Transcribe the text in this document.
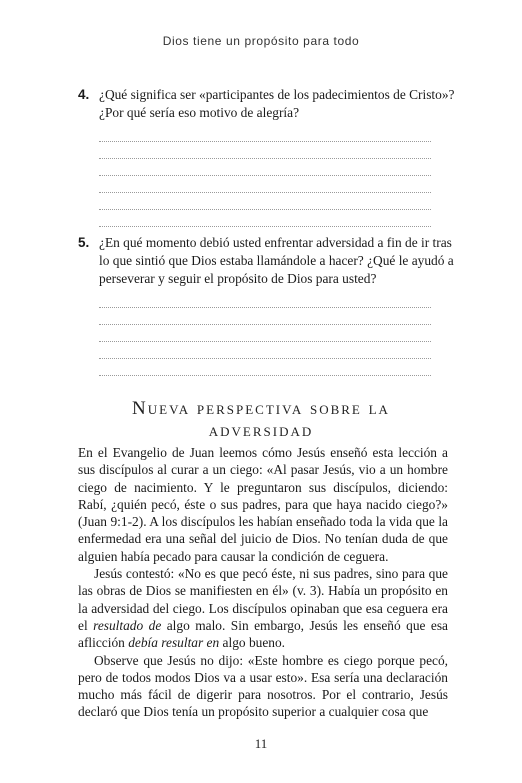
Dios tiene un propósito para todo
4. ¿Qué significa ser «participantes de los padecimientos de Cristo»? ¿Por qué sería eso motivo de alegría?
5. ¿En qué momento debió usted enfrentar adversidad a fin de ir tras lo que sintió que Dios estaba llamándole a hacer? ¿Qué le ayudó a perseverar y seguir el propósito de Dios para usted?
Nueva perspectiva sobre la
adversidad

En el Evangelio de Juan leemos cómo Jesús enseñó esta lección a sus discípulos al curar a un ciego: «Al pasar Jesús, vio a un hombre ciego de nacimiento. Y le preguntaron sus discípulos, diciendo: Rabí, ¿quién pecó, éste o sus padres, para que haya nacido ciego?» (Juan 9:1-2). A los discípulos les habían enseñado toda la vida que la enfermedad era una señal del juicio de Dios. No tenían duda de que alguien había pecado para causar la condición de ceguera.

Jesús contestó: «No es que pecó éste, ni sus padres, sino para que las obras de Dios se manifiesten en él» (v. 3). Había un propósito en la adversidad del ciego. Los discípulos opinaban que esa ceguera era el resultado de algo malo. Sin embargo, Jesús les enseñó que esa aflicción debía resultar en algo bueno.

Observe que Jesús no dijo: «Este hombre es ciego porque pecó, pero de todos modos Dios va a usar esto». Esa sería una declaración mucho más fácil de digerir para nosotros. Por el contrario, Jesús declaró que Dios tenía un propósito superior a cualquier cosa que

11
